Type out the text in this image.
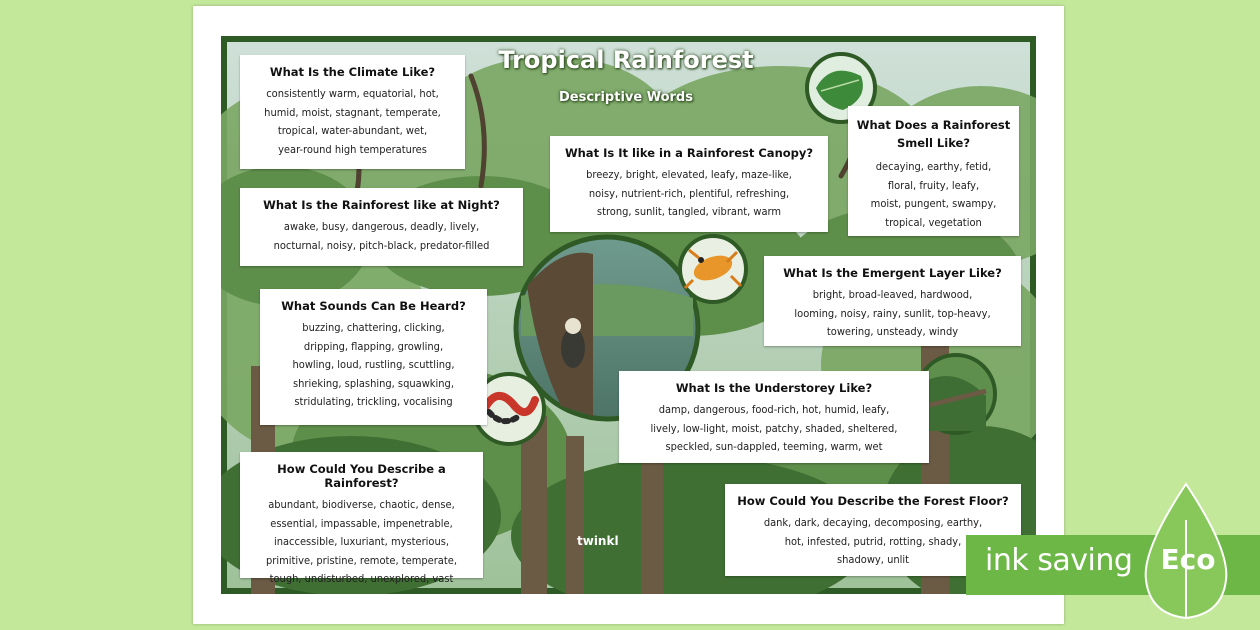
Tropical Rainforest
Descriptive Words
What Is the Climate Like?
consistently warm, equatorial, hot,
humid, moist, stagnant, temperate,
tropical, water-abundant, wet,
year-round high temperatures
What Is the Rainforest like at Night?
awake, busy, dangerous, deadly, lively,
nocturnal, noisy, pitch-black, predator-filled
What Sounds Can Be Heard?
buzzing, chattering, clicking,
dripping, flapping, growling,
howling, loud, rustling, scuttling,
shrieking, splashing, squawking,
stridulating, trickling, vocalising
How Could You Describe a Rainforest?
abundant, biodiverse, chaotic, dense,
essential, impassable, impenetrable,
inaccessible, luxuriant, mysterious,
primitive, pristine, remote, temperate,
tough, undisturbed, unexplored, vast
What Is It like in a Rainforest Canopy?
breezy, bright, elevated, leafy, maze-like,
noisy, nutrient-rich, plentiful, refreshing,
strong, sunlit, tangled, vibrant, warm
What Does a Rainforest Smell Like?
decaying, earthy, fetid,
floral, fruity, leafy,
moist, pungent, swampy,
tropical, vegetation
What Is the Emergent Layer Like?
bright, broad-leaved, hardwood,
looming, noisy, rainy, sunlit, top-heavy,
towering, unsteady, windy
What Is the Understorey Like?
damp, dangerous, food-rich, hot, humid, leafy,
lively, low-light, moist, patchy, shaded, sheltered,
speckled, sun-dappled, teeming, warm, wet
How Could You Describe the Forest Floor?
dank, dark, decaying, decomposing, earthy,
hot, infested, putrid, rotting, shady,
shadowy, unlit
twinkl
ink saving Eco
